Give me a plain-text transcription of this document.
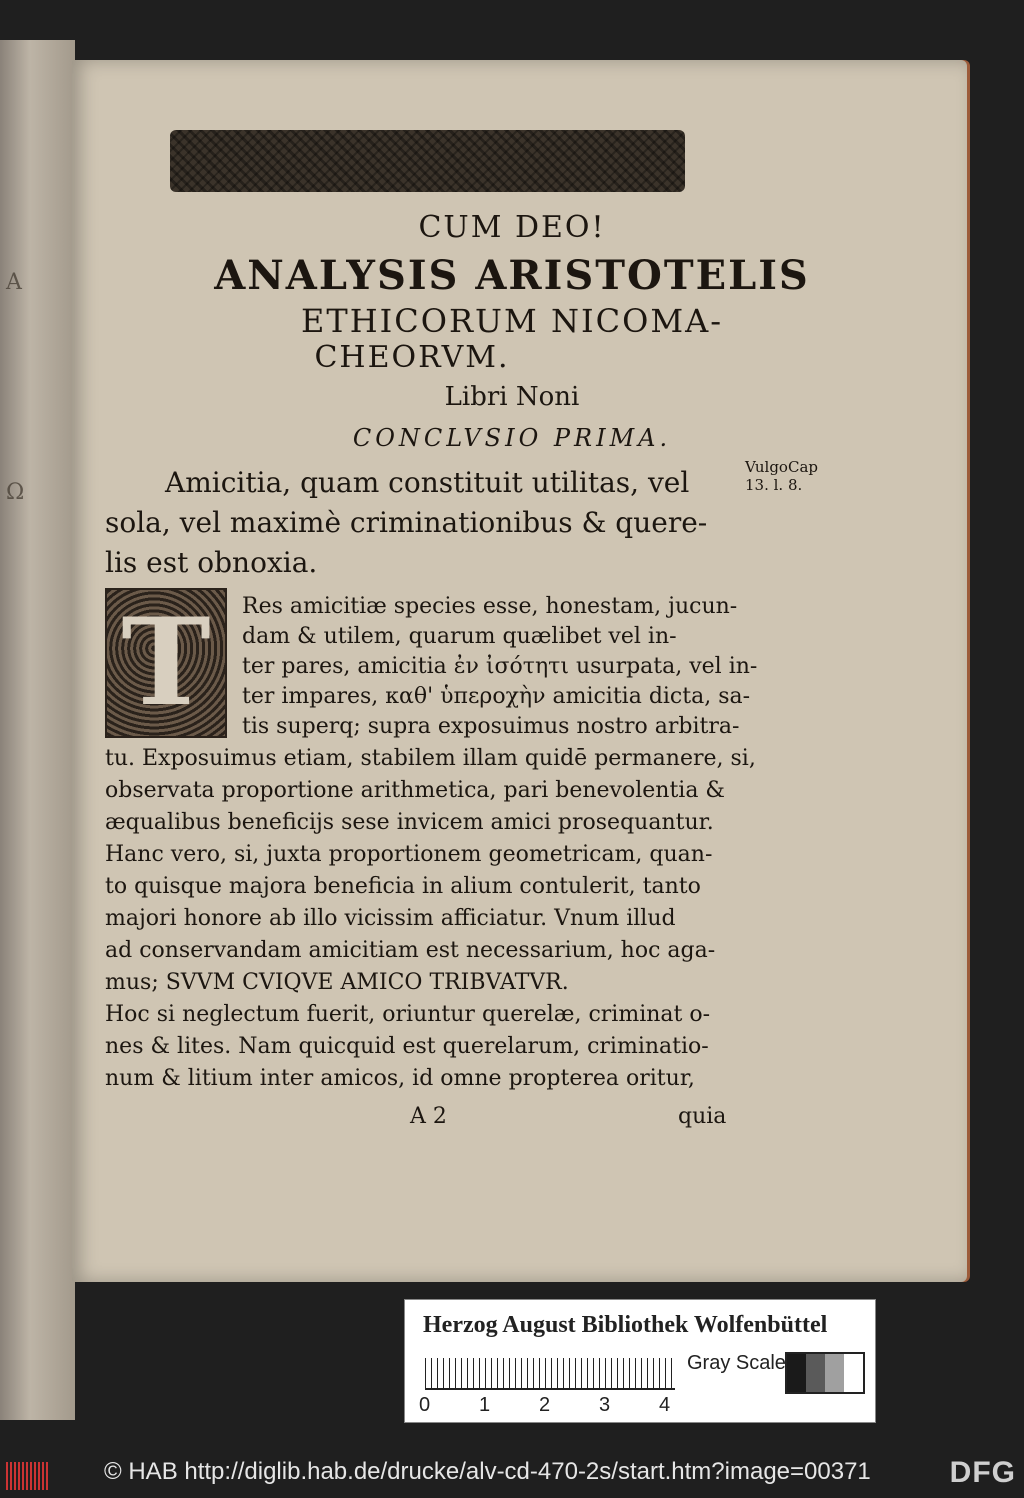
A
Ω
CUM DEO!
ANALYSIS ARISTOTELIS
ETHICORUM NICOMA-
CHEORVM.
Libri Noni
CONCLVSIO PRIMA.
Amicitia, quam constituit utilitas, vel
sola, vel maximè criminationibus & quere-
lis est obnoxia.
VulgoCap
13. l. 8.
T	Res amicitiæ species esse, honestam, jucun-
dam & utilem, quarum quælibet vel in-
ter pares, amicitia ἐν ἰσότητι usurpata, vel in-
ter impares, καθ' ὑπεροχὴν amicitia dicta, sa-
tis superq; supra exposuimus nostro arbitra-
tu. Exposuimus etiam, stabilem illam quidē permanere, si,
observata proportione arithmetica, pari benevolentia &
æqualibus beneficijs sese invicem amici prosequantur.
Hanc vero, si, juxta proportionem geometricam, quan-
to quisque majora beneficia in alium contulerit, tanto
majori honore ab illo vicissim afficiatur. Vnum illud
ad conservandam amicitiam est necessarium, hoc aga-
mus; SVVM CVIQVE AMICO TRIBVATVR.
Hoc si neglectum fuerit, oriuntur querelæ, criminat o-
nes & lites. Nam quicquid est querelarum, criminatio-
num & litium inter amicos, id omne propterea oritur,
A 2	quia
Herzog August Bibliothek Wolfenbüttel
0 1 2 3 4
Gray Scale
© HAB http://diglib.hab.de/drucke/alv-cd-470-2s/start.htm?image=00371	DFG
